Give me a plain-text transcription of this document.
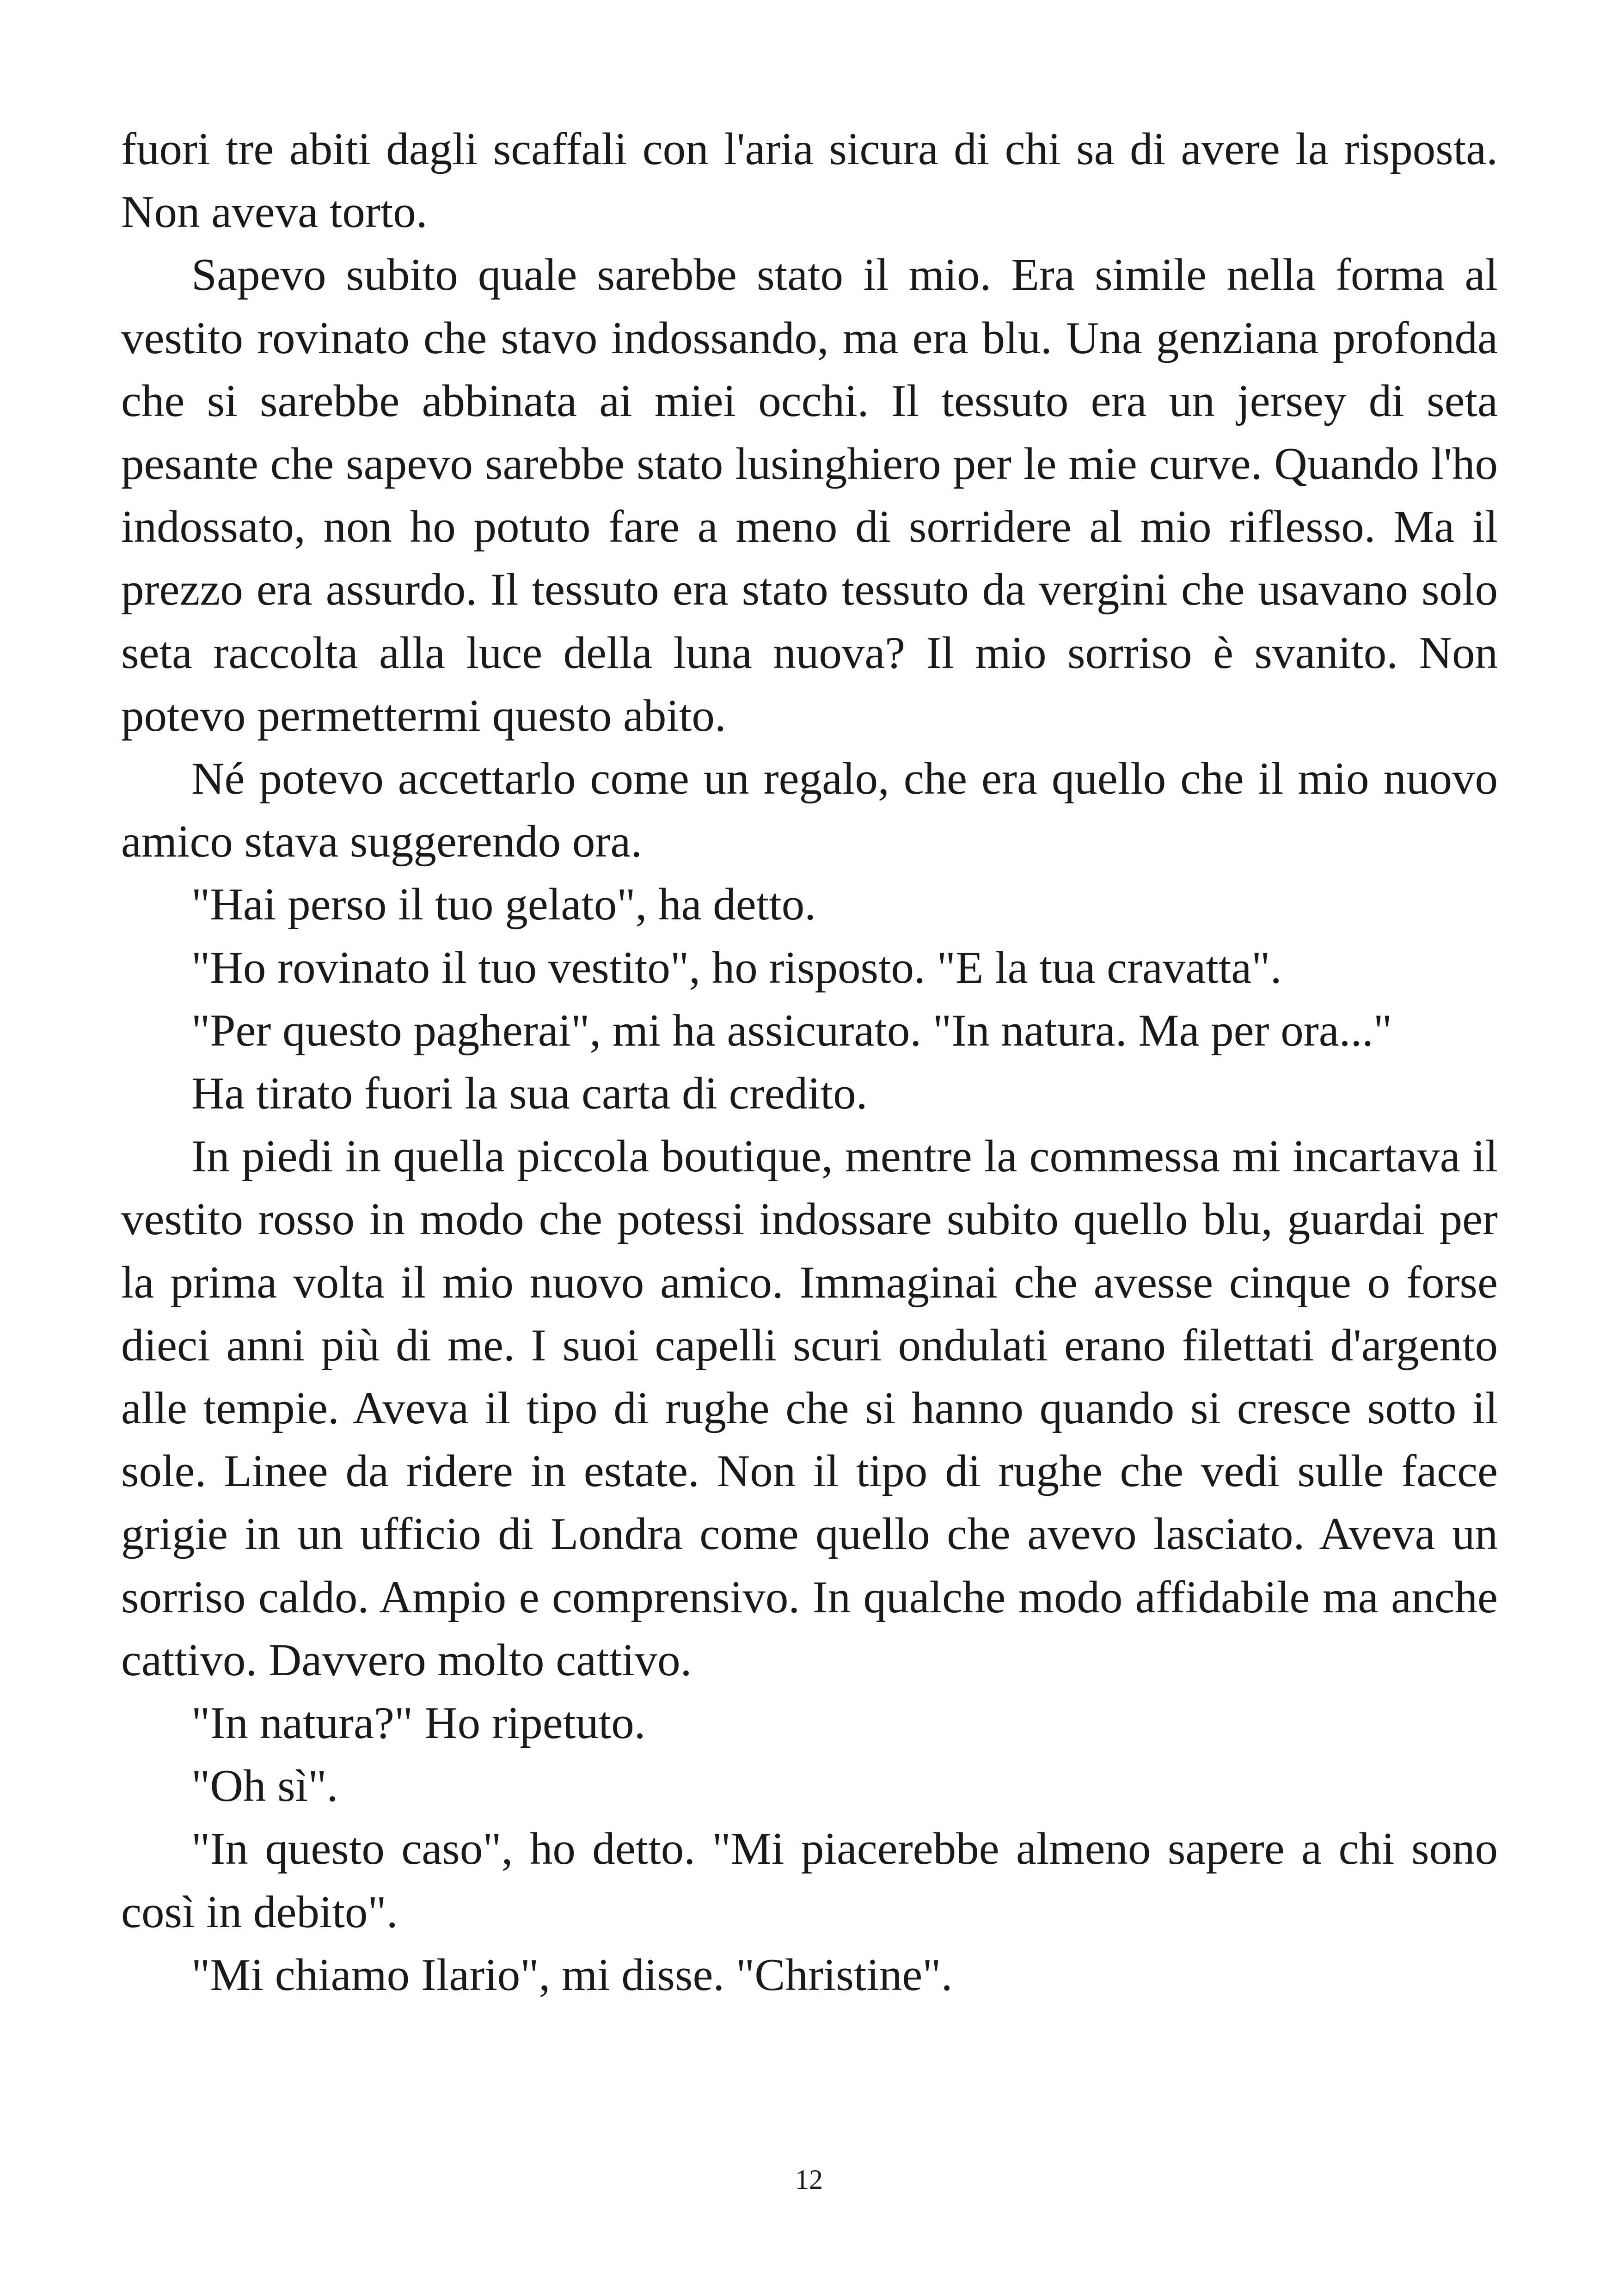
fuori tre abiti dagli scaffali con l'aria sicura di chi sa di avere la risposta. Non aveva torto.

Sapevo subito quale sarebbe stato il mio. Era simile nella forma al vestito rovinato che stavo indossando, ma era blu. Una genziana profonda che si sarebbe abbinata ai miei occhi. Il tessuto era un jersey di seta pesante che sapevo sarebbe stato lusinghiero per le mie curve. Quando l'ho indossato, non ho potuto fare a meno di sorridere al mio riflesso. Ma il prezzo era assurdo. Il tessuto era stato tessuto da vergini che usavano solo seta raccolta alla luce della luna nuova? Il mio sorriso è svanito. Non potevo permettermi questo abito.

Né potevo accettarlo come un regalo, che era quello che il mio nuovo amico stava suggerendo ora.

"Hai perso il tuo gelato", ha detto.

"Ho rovinato il tuo vestito", ho risposto. "E la tua cravatta".

"Per questo pagherai", mi ha assicurato. "In natura. Ma per ora..."

Ha tirato fuori la sua carta di credito.

In piedi in quella piccola boutique, mentre la commessa mi incartava il vestito rosso in modo che potessi indossare subito quello blu, guardai per la prima volta il mio nuovo amico. Immaginai che avesse cinque o forse dieci anni più di me. I suoi capelli scuri ondulati erano filettati d'argento alle tempie. Aveva il tipo di rughe che si hanno quando si cresce sotto il sole. Linee da ridere in estate. Non il tipo di rughe che vedi sulle facce grigie in un ufficio di Londra come quello che avevo lasciato. Aveva un sorriso caldo. Ampio e comprensivo. In qualche modo affidabile ma anche cattivo. Davvero molto cattivo.

"In natura?" Ho ripetuto.

"Oh sì".

"In questo caso", ho detto. "Mi piacerebbe almeno sapere a chi sono così in debito".

"Mi chiamo Ilario", mi disse. "Christine".

12
